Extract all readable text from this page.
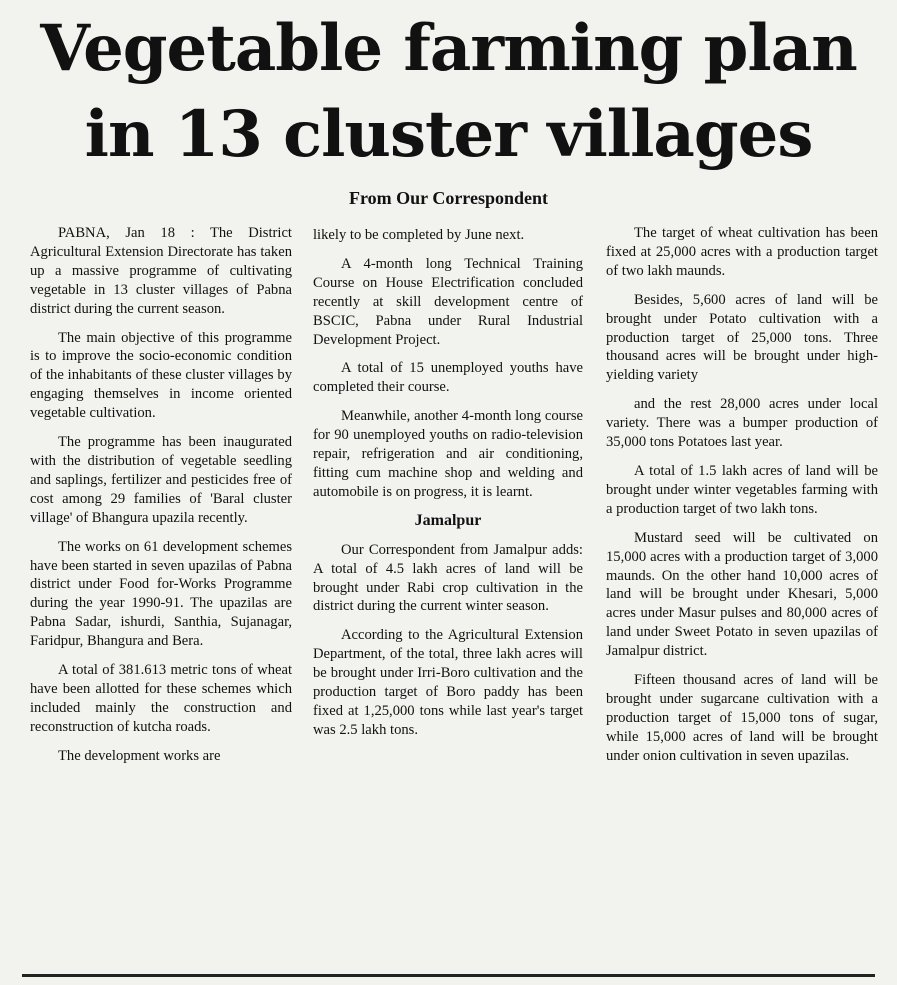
Vegetable farming plan
in 13 cluster villages
From Our Correspondent

PABNA, Jan 18 : The District Agricultural Extension Directorate has taken up a massive programme of cultivating vegetable in 13 cluster villages of Pabna district during the current season.

The main objective of this programme is to improve the socio-economic condition of the inhabitants of these cluster villages by engaging themselves in income oriented vegetable cultivation.

The programme has been inaugurated with the distribution of vegetable seedling and saplings, fertilizer and pesticides free of cost among 29 families of 'Baral cluster village' of Bhangura upazila recently.

The works on 61 development schemes have been started in seven upazilas of Pabna district under Food for-Works Programme during the year 1990-91. The upazilas are Pabna Sadar, ishurdi, Santhia, Sujanagar, Faridpur, Bhangura and Bera.

A total of 381.613 metric tons of wheat have been allotted for these schemes which included mainly the construction and reconstruction of kutcha roads.

The development works are

likely to be completed by June next.

A 4-month long Technical Training Course on House Electrification concluded recently at skill development centre of BSCIC, Pabna under Rural Industrial Development Project.

A total of 15 unemployed youths have completed their course.

Meanwhile, another 4-month long course for 90 unemployed youths on radio-television repair, refrigeration and air conditioning, fitting cum machine shop and welding and automobile is on progress, it is learnt.

Jamalpur

Our Correspondent from Jamalpur adds: A total of 4.5 lakh acres of land will be brought under Rabi crop cultivation in the district during the current winter season.

According to the Agricultural Extension Department, of the total, three lakh acres will be brought under Irri-Boro cultivation and the production target of Boro paddy has been fixed at 1,25,000 tons while last year's target was 2.5 lakh tons.

The target of wheat cultivation has been fixed at 25,000 acres with a production target of two lakh maunds.

Besides, 5,600 acres of land will be brought under Potato cultivation with a production target of 25,000 tons. Three thousand acres will be brought under high-yielding variety

and the rest 28,000 acres under local variety. There was a bumper production of 35,000 tons Potatoes last year.

A total of 1.5 lakh acres of land will be brought under winter vegetables farming with a production target of two lakh tons.

Mustard seed will be cultivated on 15,000 acres with a production target of 3,000 maunds. On the other hand 10,000 acres of land will be brought under Khesari, 5,000 acres under Masur pulses and 80,000 acres of land under Sweet Potato in seven upazilas of Jamalpur district.

Fifteen thousand acres of land will be brought under sugarcane cultivation with a production target of 15,000 tons of sugar, while 15,000 acres of land will be brought under onion cultivation in seven upazilas.
